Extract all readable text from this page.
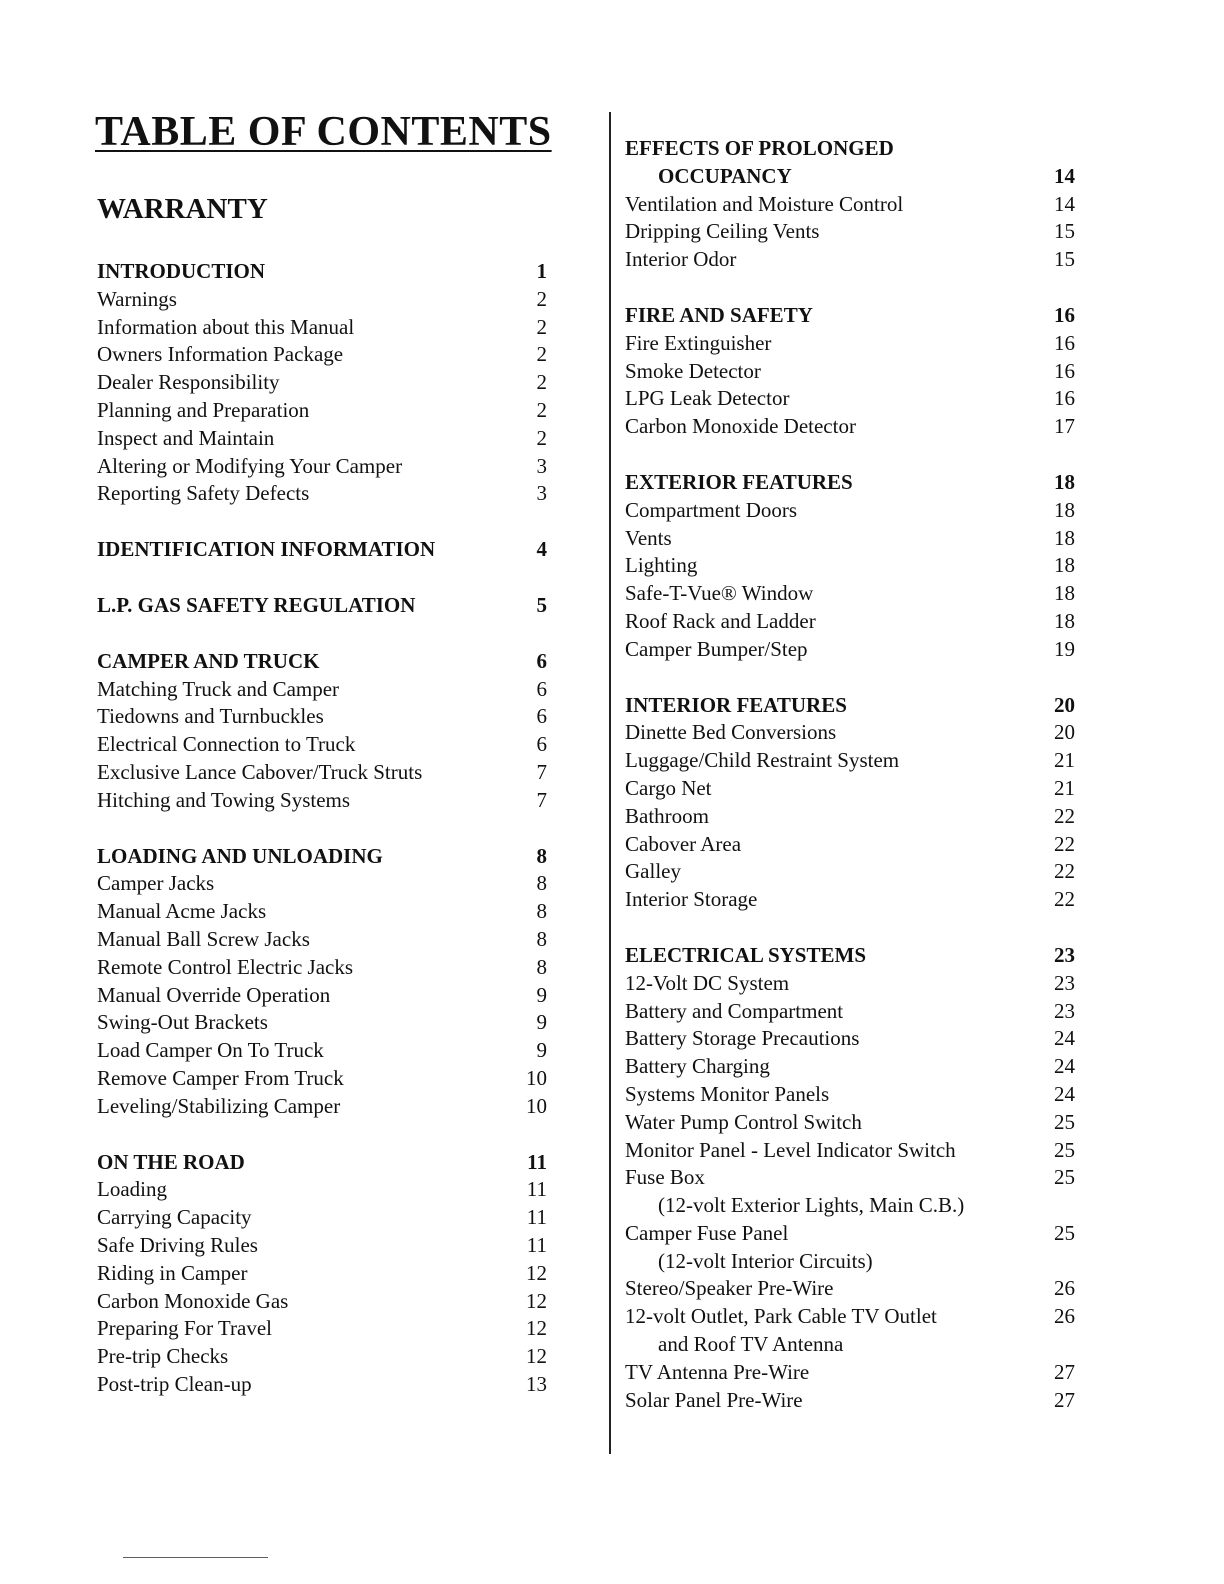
TABLE OF CONTENTS
WARRANTY
INTRODUCTION	1
Warnings	2
Information about this Manual	2
Owners Information Package	2
Dealer Responsibility	2
Planning and Preparation	2
Inspect and Maintain	2
Altering or Modifying Your Camper	3
Reporting Safety Defects	3
IDENTIFICATION INFORMATION	4
L.P. GAS SAFETY REGULATION	5
CAMPER AND TRUCK	6
Matching Truck and Camper	6
Tiedowns and Turnbuckles	6
Electrical Connection to Truck	6
Exclusive Lance Cabover/Truck Struts	7
Hitching and Towing Systems	7
LOADING AND UNLOADING	8
Camper Jacks	8
Manual Acme Jacks	8
Manual Ball Screw Jacks	8
Remote Control Electric Jacks	8
Manual Override Operation	9
Swing-Out Brackets	9
Load Camper On To Truck	9
Remove Camper From Truck	10
Leveling/Stabilizing Camper	10
ON THE ROAD	11
Loading	11
Carrying Capacity	11
Safe Driving Rules	11
Riding in Camper	12
Carbon Monoxide Gas	12
Preparing For Travel	12
Pre-trip Checks	12
Post-trip Clean-up	13
EFFECTS OF PROLONGED
OCCUPANCY	14
Ventilation and Moisture Control	14
Dripping Ceiling Vents	15
Interior Odor	15
FIRE AND SAFETY	16
Fire Extinguisher	16
Smoke Detector	16
LPG Leak Detector	16
Carbon Monoxide Detector	17
EXTERIOR FEATURES	18
Compartment Doors	18
Vents	18
Lighting	18
Safe-T-Vue® Window	18
Roof Rack and Ladder	18
Camper Bumper/Step	19
INTERIOR FEATURES	20
Dinette Bed Conversions	20
Luggage/Child Restraint System	21
Cargo Net	21
Bathroom	22
Cabover Area	22
Galley	22
Interior Storage	22
ELECTRICAL SYSTEMS	23
12-Volt DC System	23
Battery and Compartment	23
Battery Storage Precautions	24
Battery Charging	24
Systems Monitor Panels	24
Water Pump Control Switch	25
Monitor Panel - Level Indicator Switch	25
Fuse Box	25
(12-volt Exterior Lights, Main C.B.)
Camper Fuse Panel	25
(12-volt Interior Circuits)
Stereo/Speaker Pre-Wire	26
12-volt Outlet, Park Cable TV Outlet	26
and Roof TV Antenna
TV Antenna Pre-Wire	27
Solar Panel Pre-Wire	27
